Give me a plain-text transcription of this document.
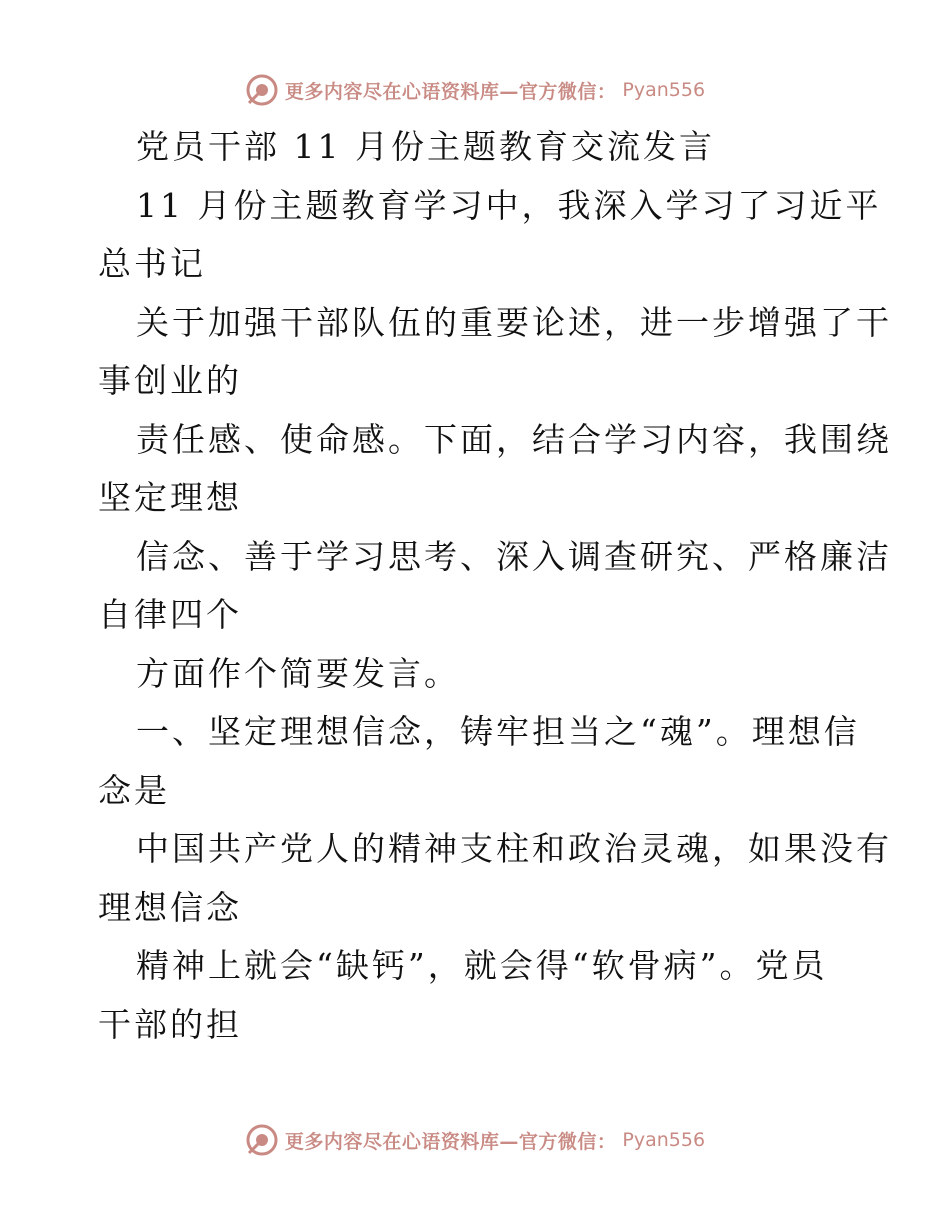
更多内容尽在心语资料库—官方微信： Pyan556
党员干部 11 月份主题教育交流发言
11 月份主题教育学习中，我深入学习了习近平
总书记
关于加强干部队伍的重要论述，进一步增强了干
事创业的
责任感、使命感。下面，结合学习内容，我围绕
坚定理想
信念、善于学习思考、深入调查研究、严格廉洁
自律四个
方面作个简要发言。
一、坚定理想信念，铸牢担当之“魂”。理想信
念是
中国共产党人的精神支柱和政治灵魂，如果没有
理想信念
精神上就会“缺钙”，就会得“软骨病”。党员
干部的担
更多内容尽在心语资料库—官方微信： Pyan556
